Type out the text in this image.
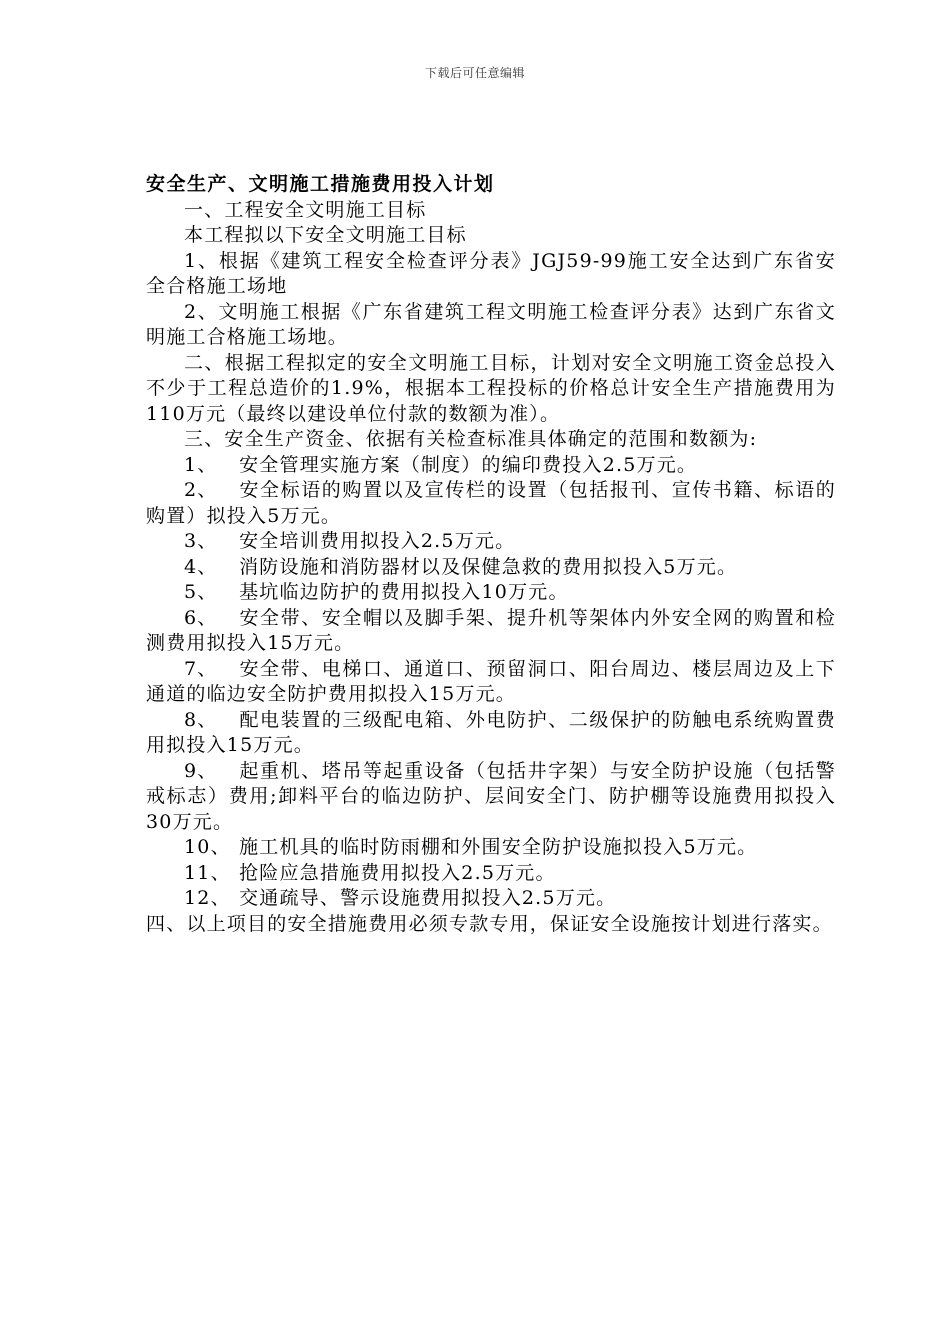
下载后可任意编辑
安全生产、文明施工措施费用投入计划

一、工程安全文明施工目标

本工程拟以下安全文明施工目标

1、根据《建筑工程安全检查评分表》JGJ59-99施工安全达到广东省安全合格施工场地

2、文明施工根据《广东省建筑工程文明施工检查评分表》达到广东省文明施工合格施工场地。

二、根据工程拟定的安全文明施工目标，计划对安全文明施工资金总投入不少于工程总造价的1.9%，根据本工程投标的价格总计安全生产措施费用为110万元（最终以建设单位付款的数额为准）。

三、安全生产资金、依据有关检查标准具体确定的范围和数额为:

1、 安全管理实施方案（制度）的编印费投入2.5万元。

2、 安全标语的购置以及宣传栏的设置（包括报刊、宣传书籍、标语的购置）拟投入5万元。

3、 安全培训费用拟投入2.5万元。

4、 消防设施和消防器材以及保健急救的费用拟投入5万元。

5、 基坑临边防护的费用拟投入10万元。

6、 安全带、安全帽以及脚手架、提升机等架体内外安全网的购置和检测费用拟投入15万元。

7、 安全带、电梯口、通道口、预留洞口、阳台周边、楼层周边及上下通道的临边安全防护费用拟投入15万元。

8、 配电装置的三级配电箱、外电防护、二级保护的防触电系统购置费用拟投入15万元。

9、 起重机、塔吊等起重设备（包括井字架）与安全防护设施（包括警戒标志）费用;卸料平台的临边防护、层间安全门、防护棚等设施费用拟投入30万元。

10、 施工机具的临时防雨棚和外围安全防护设施拟投入5万元。

11、 抢险应急措施费用拟投入2.5万元。

12、 交通疏导、警示设施费用拟投入2.5万元。

四、以上项目的安全措施费用必须专款专用，保证安全设施按计划进行落实。
